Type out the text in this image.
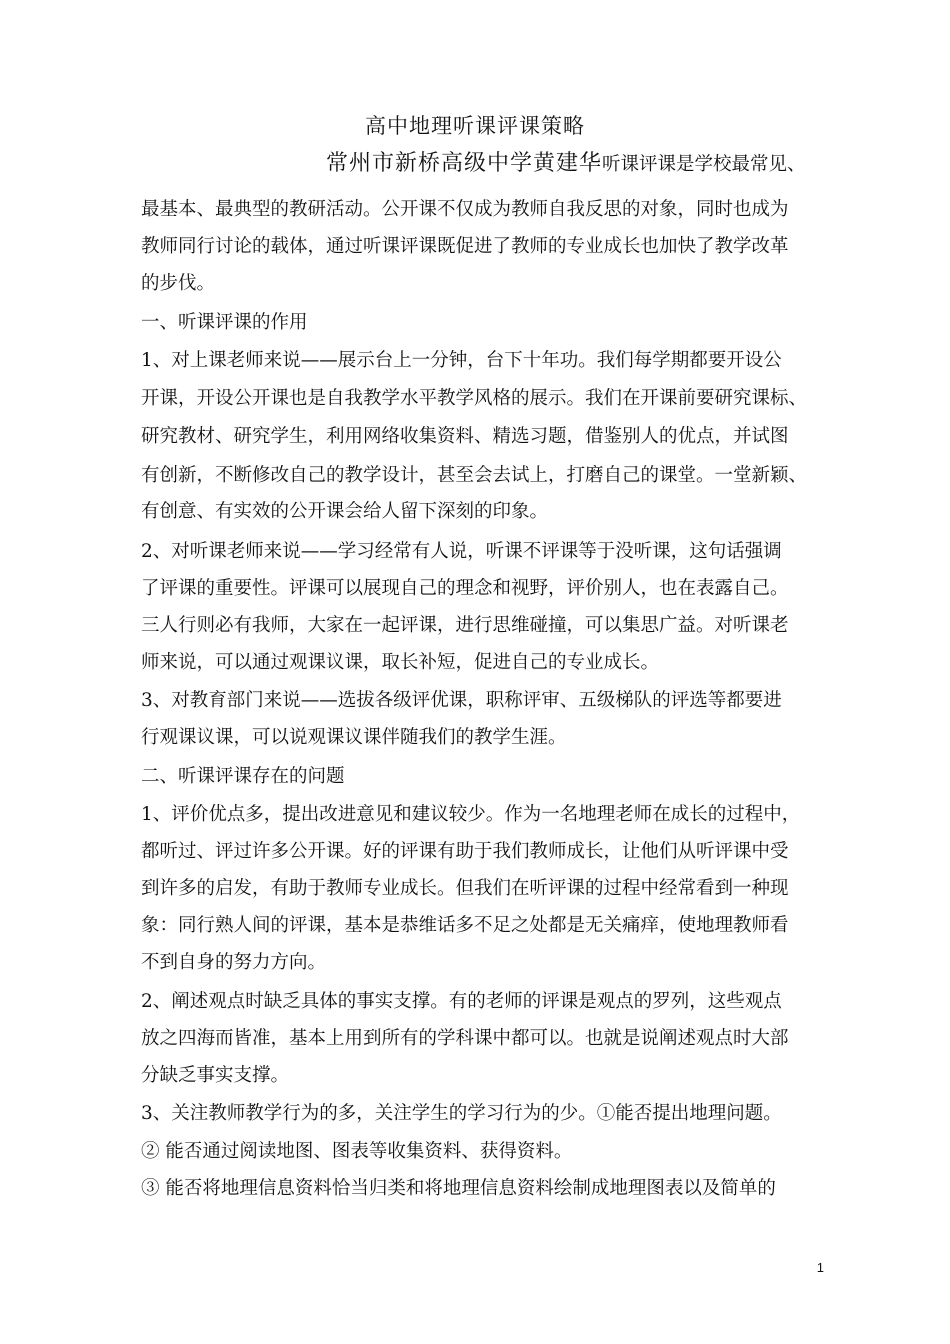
高中地理听课评课策略
常州市新桥高级中学黄建华听课评课是学校最常见、
最基本、最典型的教研活动。公开课不仅成为教师自我反思的对象，同时也成为
教师同行讨论的载体，通过听课评课既促进了教师的专业成长也加快了教学改革
的步伐。
一、听课评课的作用
1、对上课老师来说——展示台上一分钟，台下十年功。我们每学期都要开设公
开课，开设公开课也是自我教学水平教学风格的展示。我们在开课前要研究课标、
研究教材、研究学生，利用网络收集资料、精选习题，借鉴别人的优点，并试图
有创新，不断修改自己的教学设计，甚至会去试上，打磨自己的课堂。一堂新颖、
有创意、有实效的公开课会给人留下深刻的印象。
2、对听课老师来说——学习经常有人说，听课不评课等于没听课，这句话强调
了评课的重要性。评课可以展现自己的理念和视野，评价别人，也在表露自己。
三人行则必有我师，大家在一起评课，进行思维碰撞，可以集思广益。对听课老
师来说，可以通过观课议课，取长补短，促进自己的专业成长。
3、对教育部门来说——选拔各级评优课，职称评审、五级梯队的评选等都要进
行观课议课，可以说观课议课伴随我们的教学生涯。
二、听课评课存在的问题
1、评价优点多，提出改进意见和建议较少。作为一名地理老师在成长的过程中，
都听过、评过许多公开课。好的评课有助于我们教师成长，让他们从听评课中受
到许多的启发，有助于教师专业成长。但我们在听评课的过程中经常看到一种现
象：同行熟人间的评课，基本是恭维话多不足之处都是无关痛痒，使地理教师看
不到自身的努力方向。
2、阐述观点时缺乏具体的事实支撑。有的老师的评课是观点的罗列，这些观点
放之四海而皆准，基本上用到所有的学科课中都可以。也就是说阐述观点时大部
分缺乏事实支撑。
3、关注教师教学行为的多，关注学生的学习行为的少。①能否提出地理问题。
② 能否通过阅读地图、图表等收集资料、获得资料。
③ 能否将地理信息资料恰当归类和将地理信息资料绘制成地理图表以及简单的
1
